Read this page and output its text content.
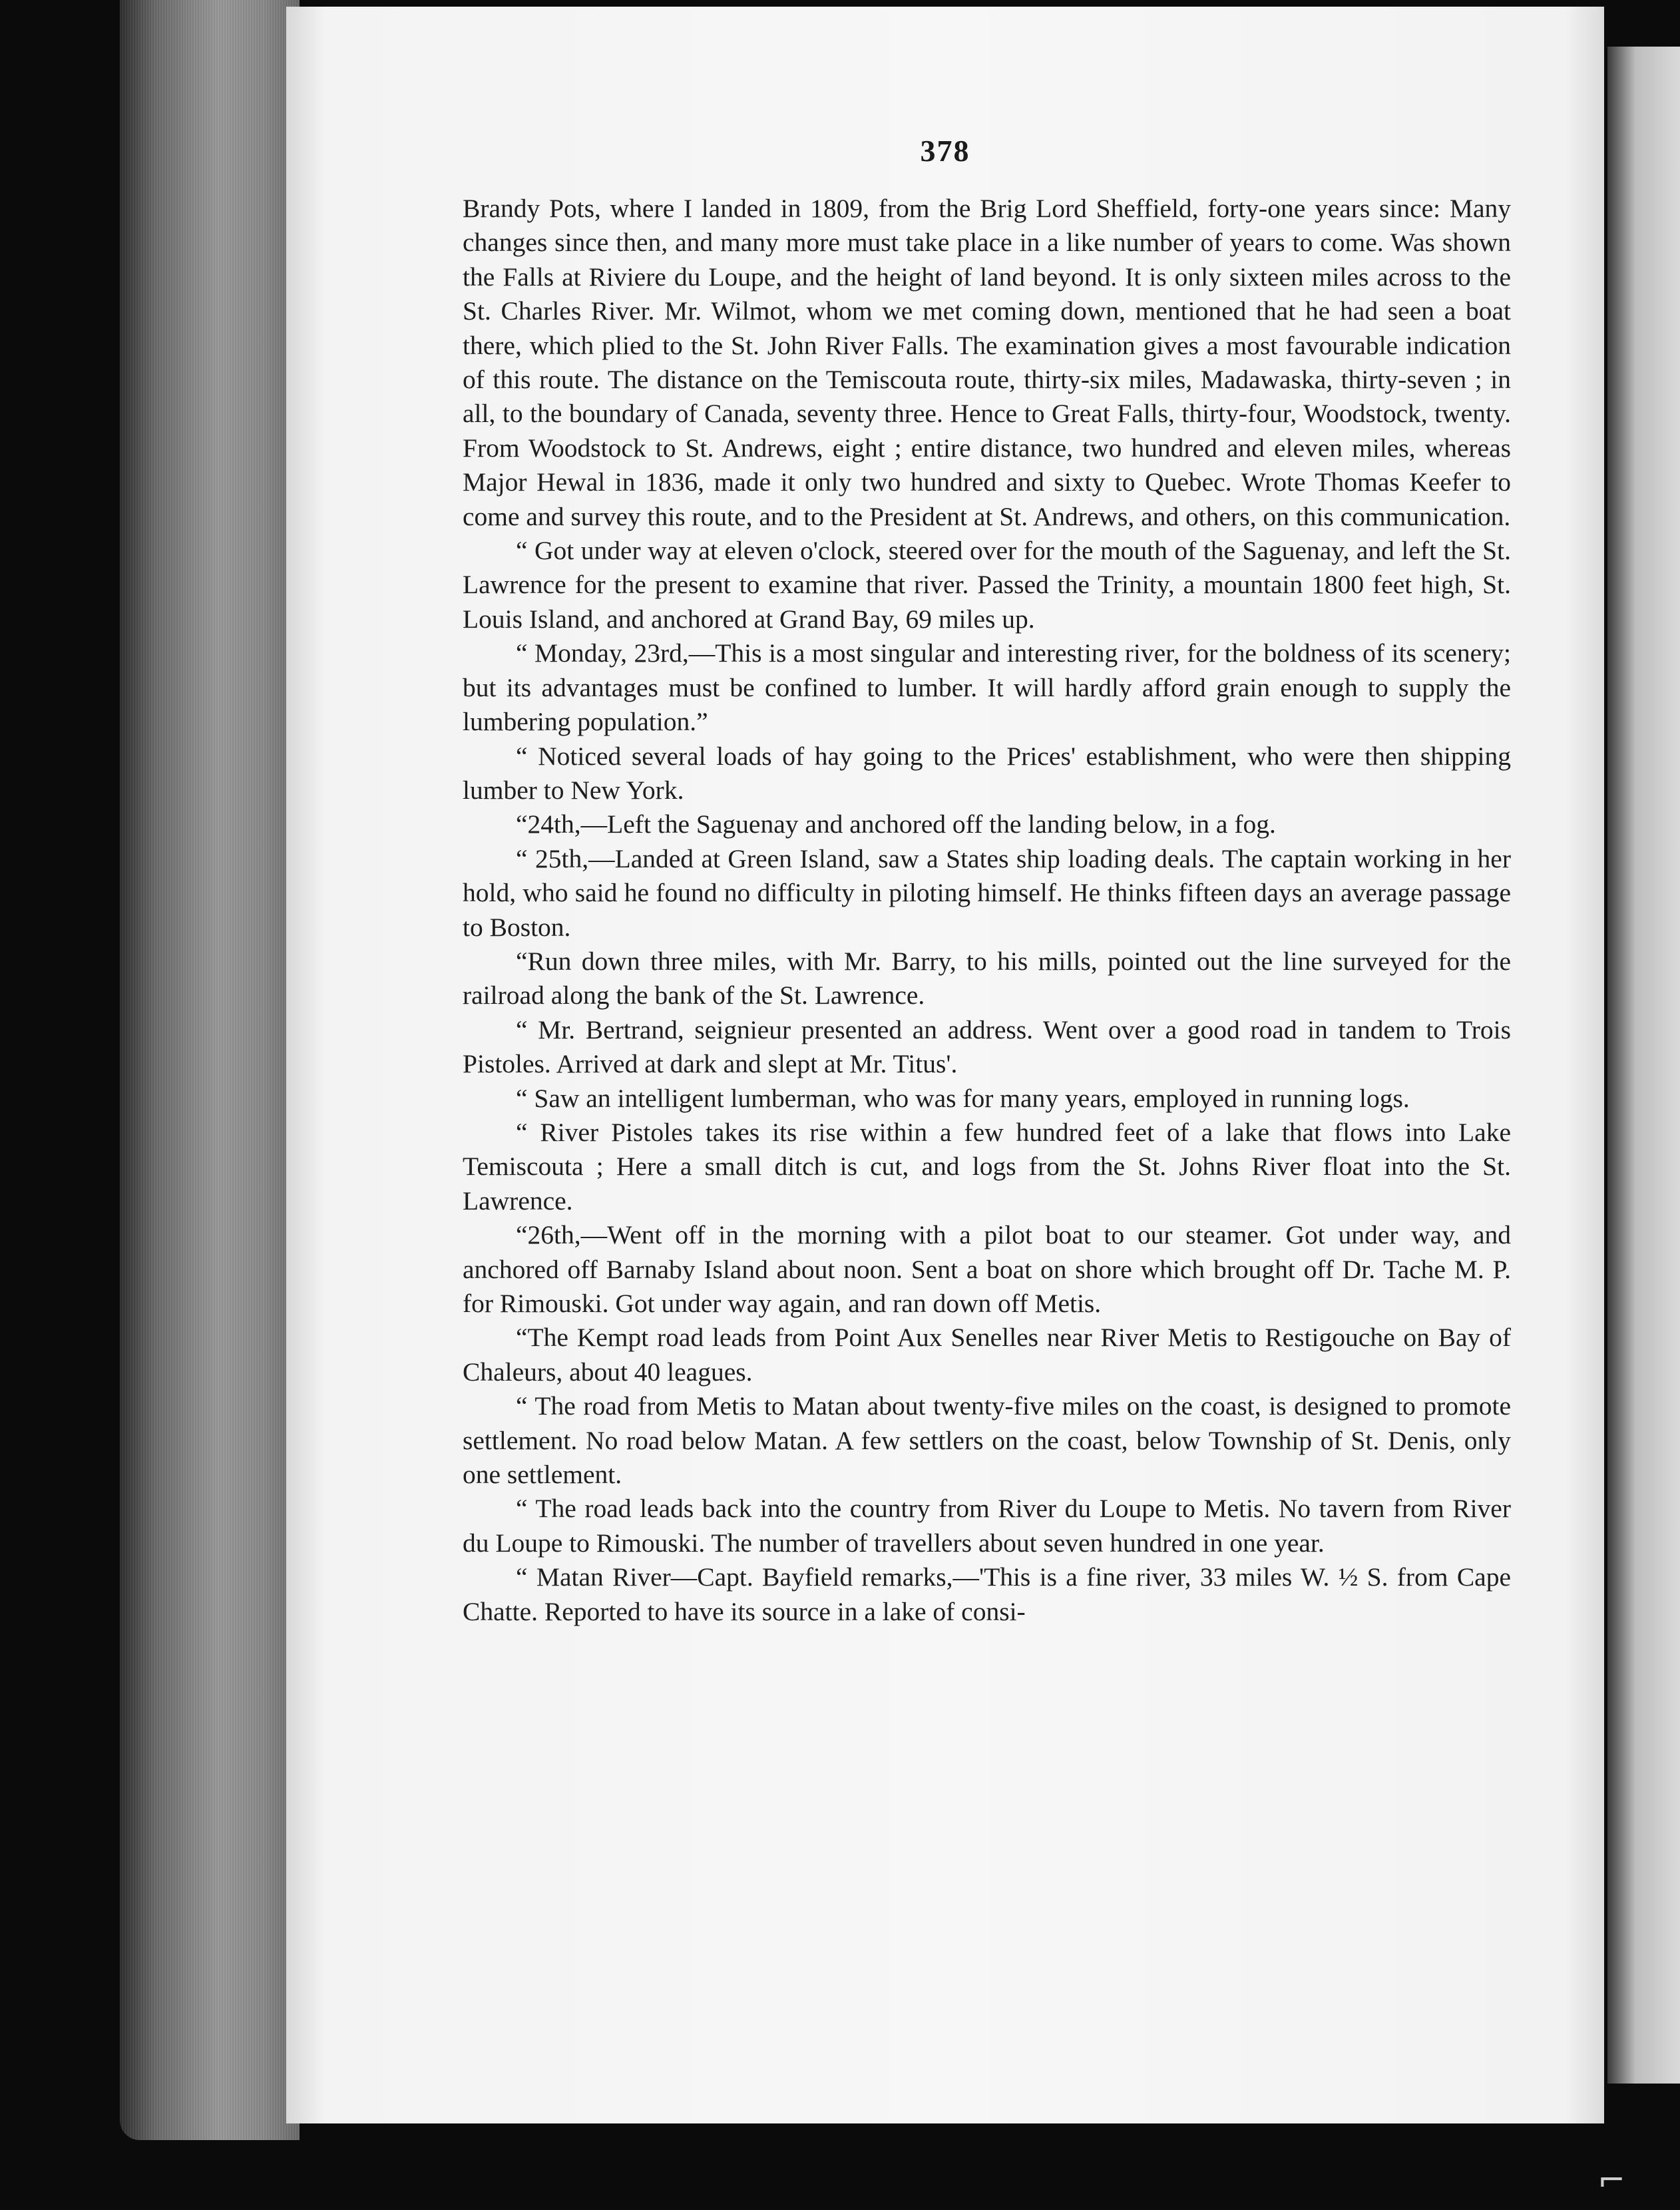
378

Brandy Pots, where I landed in 1809, from the Brig Lord Sheffield, forty-one years since: Many changes since then, and many more must take place in a like number of years to come. Was shown the Falls at Riviere du Loupe, and the height of land beyond. It is only sixteen miles across to the St. Charles River. Mr. Wilmot, whom we met coming down, mentioned that he had seen a boat there, which plied to the St. John River Falls. The examination gives a most favourable indication of this route. The distance on the Temiscouta route, thirty-six miles, Madawaska, thirty-seven ; in all, to the boundary of Canada, seventy three. Hence to Great Falls, thirty-four, Woodstock, twenty. From Woodstock to St. Andrews, eight ; entire distance, two hundred and eleven miles, whereas Major Hewal in 1836, made it only two hundred and sixty to Quebec. Wrote Thomas Keefer to come and survey this route, and to the President at St. Andrews, and others, on this communication.

“ Got under way at eleven o'clock, steered over for the mouth of the Saguenay, and left the St. Lawrence for the present to examine that river. Passed the Trinity, a mountain 1800 feet high, St. Louis Island, and anchored at Grand Bay, 69 miles up.

“ Monday, 23rd,—This is a most singular and interesting river, for the boldness of its scenery; but its advantages must be confined to lumber. It will hardly afford grain enough to supply the lumbering population.”

“ Noticed several loads of hay going to the Prices' establishment, who were then shipping lumber to New York.

“24th,—Left the Saguenay and anchored off the landing below, in a fog.

“ 25th,—Landed at Green Island, saw a States ship loading deals. The captain working in her hold, who said he found no difficulty in piloting himself. He thinks fifteen days an average passage to Boston.

“Run down three miles, with Mr. Barry, to his mills, pointed out the line surveyed for the railroad along the bank of the St. Lawrence.

“ Mr. Bertrand, seignieur presented an address. Went over a good road in tandem to Trois Pistoles. Arrived at dark and slept at Mr. Titus'.

“ Saw an intelligent lumberman, who was for many years, employed in running logs.

“ River Pistoles takes its rise within a few hundred feet of a lake that flows into Lake Temiscouta ; Here a small ditch is cut, and logs from the St. Johns River float into the St. Lawrence.

“26th,—Went off in the morning with a pilot boat to our steamer. Got under way, and anchored off Barnaby Island about noon. Sent a boat on shore which brought off Dr. Tache M. P. for Rimouski. Got under way again, and ran down off Metis.

“The Kempt road leads from Point Aux Senelles near River Metis to Restigouche on Bay of Chaleurs, about 40 leagues.

“ The road from Metis to Matan about twenty-five miles on the coast, is designed to promote settlement. No road below Matan. A few settlers on the coast, below Township of St. Denis, only one settlement.

“ The road leads back into the country from River du Loupe to Metis. No tavern from River du Loupe to Rimouski. The number of travellers about seven hundred in one year.

“ Matan River—Capt. Bayfield remarks,—'This is a fine river, 33 miles W. ½ S. from Cape Chatte. Reported to have its source in a lake of consi-

⌐
